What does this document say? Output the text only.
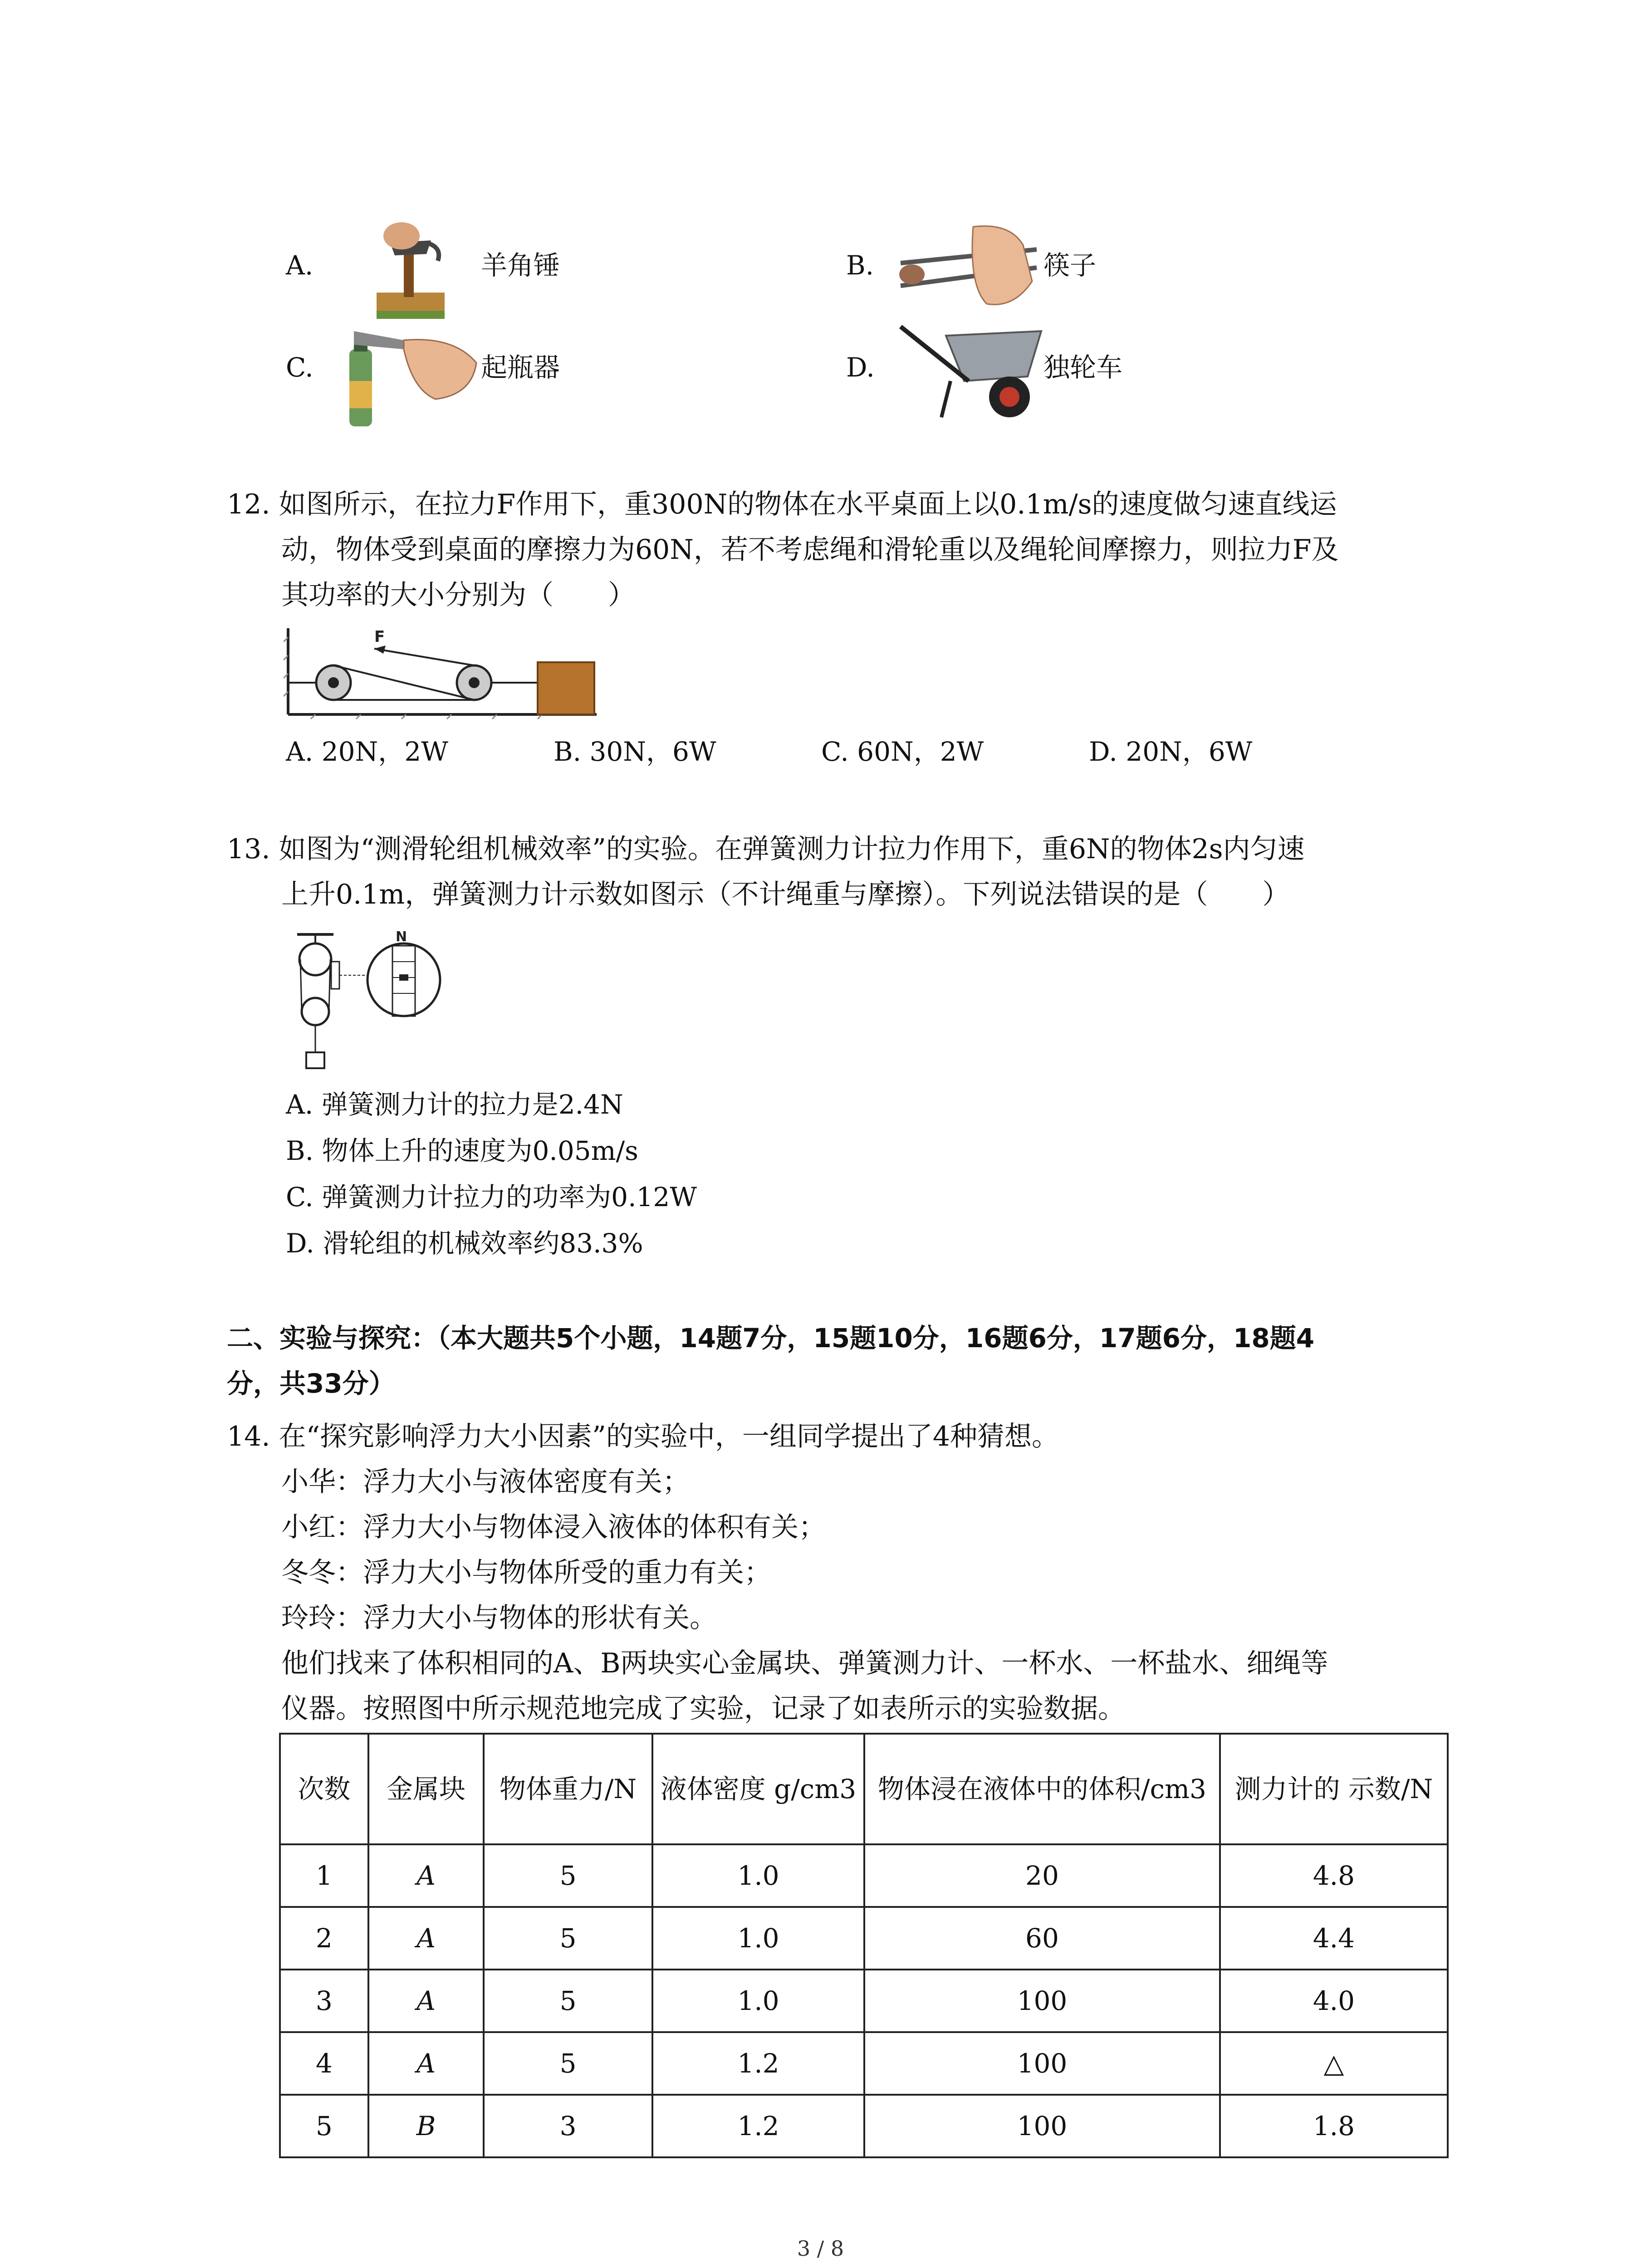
A.	羊角锤	B.	筷子
C.	起瓶器	D.	独轮车
12. 如图所示，在拉力F作用下，重300N的物体在水平桌面上以0.1m/s的速度做匀速直线运
动，物体受到桌面的摩擦力为60N，若不考虑绳和滑轮重以及绳轮间摩擦力，则拉力F及
其功率的大小分别为（　　）
F
A. 20N，2W	B. 30N，6W	C. 60N，2W	D. 20N，6W
13. 如图为“测滑轮组机械效率”的实验。在弹簧测力计拉力作用下，重6N的物体2s内匀速
上升0.1m，弹簧测力计示数如图示（不计绳重与摩擦）。下列说法错误的是（　　）
N
A. 弹簧测力计的拉力是2.4N
B. 物体上升的速度为0.05m/s
C. 弹簧测力计拉力的功率为0.12W
D. 滑轮组的机械效率约83.3%
二、实验与探究：（本大题共5个小题，14题7分，15题10分，16题6分，17题6分，18题4
分，共33分）
14. 在“探究影响浮力大小因素”的实验中，一组同学提出了4种猜想。
小华：浮力大小与液体密度有关；
小红：浮力大小与物体浸入液体的体积有关；
冬冬：浮力大小与物体所受的重力有关；
玲玲：浮力大小与物体的形状有关。
他们找来了体积相同的A、B两块实心金属块、弹簧测力计、一杯水、一杯盐水、细绳等
仪器。按照图中所示规范地完成了实验，记录了如表所示的实验数据。
次数	金属块	物体重力/N	液体密度 g/cm3	物体浸在液体中的体积/cm3	测力计的 示数/N
1	A	5	1.0	20	4.8
2	A	5	1.0	60	4.4
3	A	5	1.0	100	4.0
4	A	5	1.2	100	△
5	B	3	1.2	100	1.8
3 / 8
